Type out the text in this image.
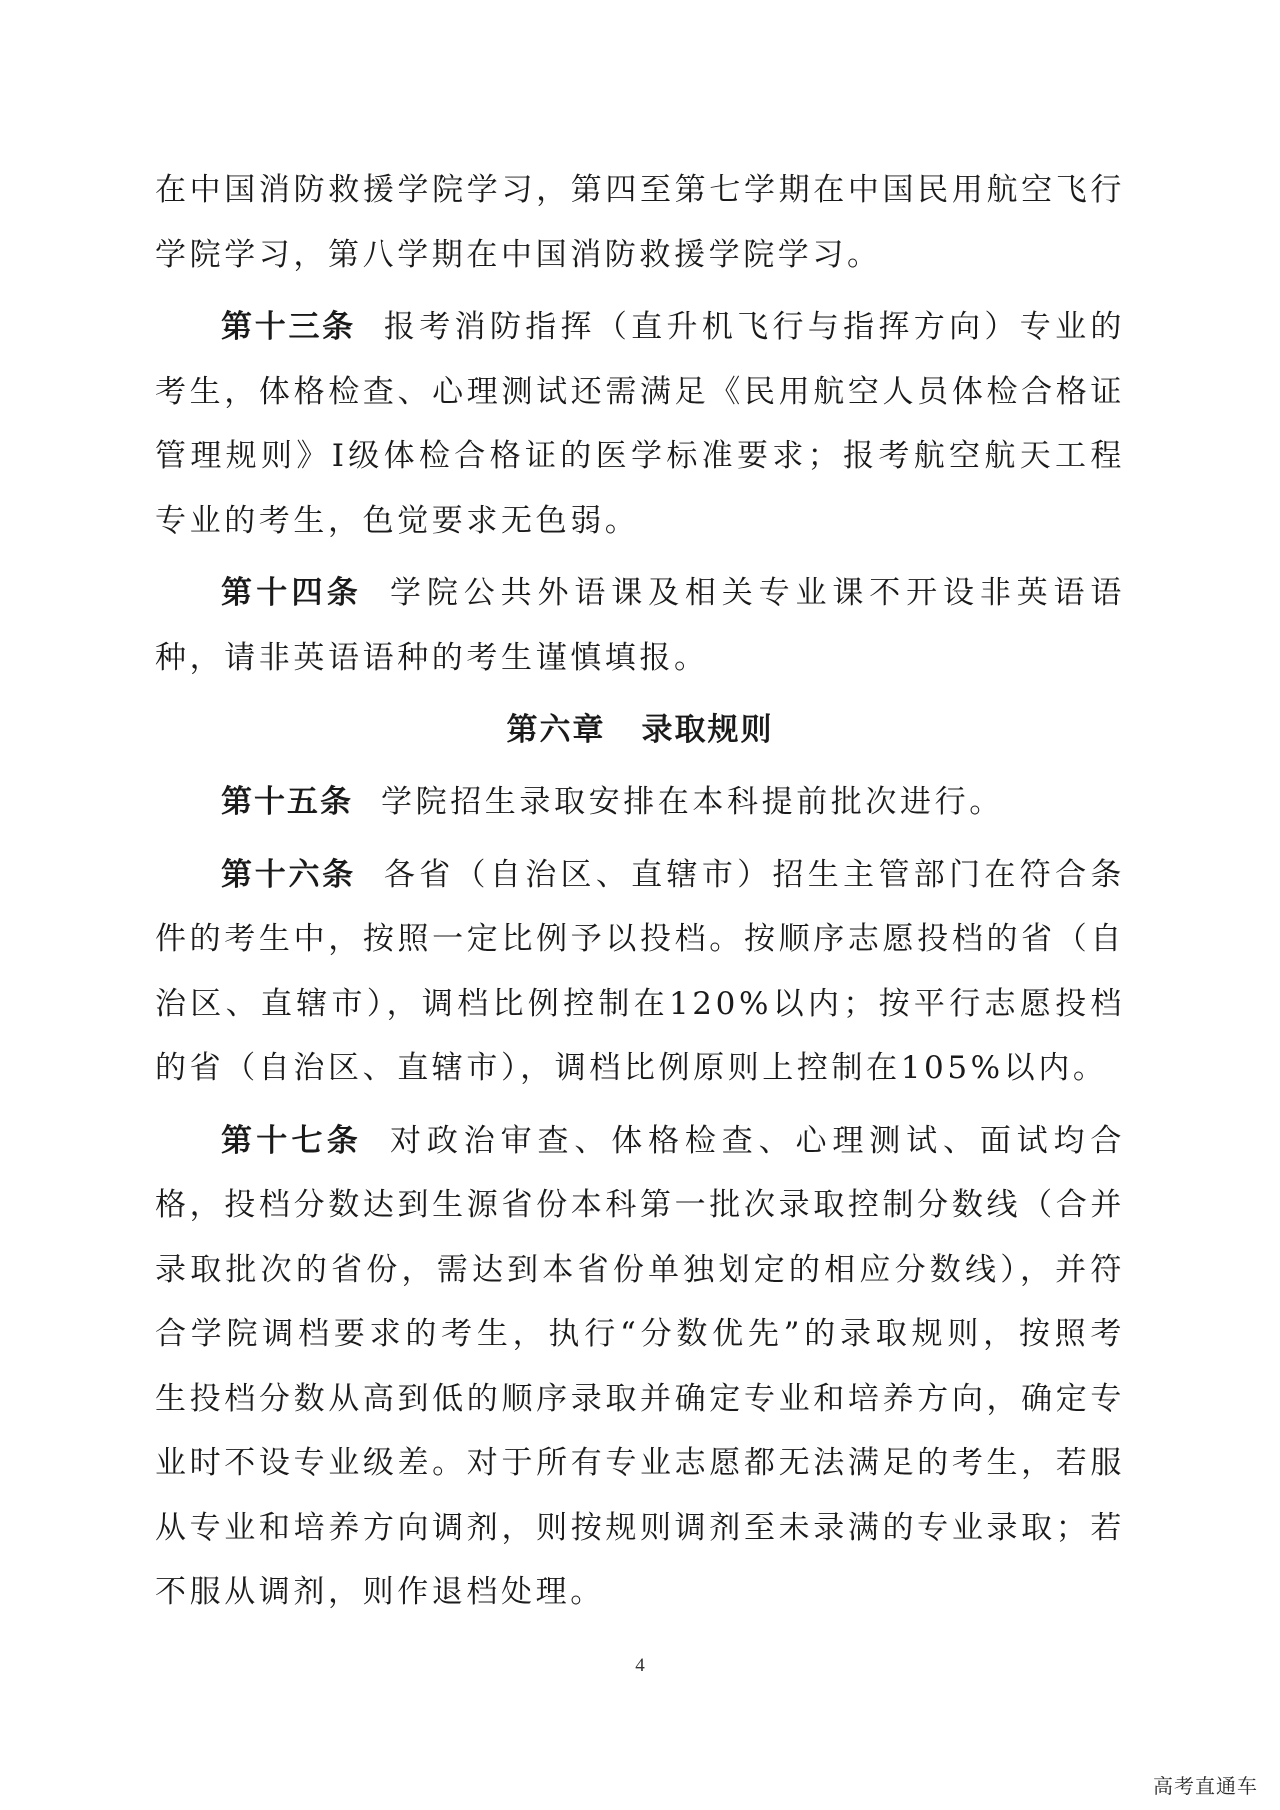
在中国消防救援学院学习，第四至第七学期在中国民用航空飞行学院学习，第八学期在中国消防救援学院学习。

第十三条 报考消防指挥（直升机飞行与指挥方向）专业的考生，体格检查、心理测试还需满足《民用航空人员体检合格证管理规则》I级体检合格证的医学标准要求；报考航空航天工程专业的考生，色觉要求无色弱。

第十四条 学院公共外语课及相关专业课不开设非英语语种，请非英语语种的考生谨慎填报。

第六章 录取规则

第十五条 学院招生录取安排在本科提前批次进行。

第十六条 各省（自治区、直辖市）招生主管部门在符合条件的考生中，按照一定比例予以投档。按顺序志愿投档的省（自治区、直辖市），调档比例控制在120%以内；按平行志愿投档的省（自治区、直辖市），调档比例原则上控制在105%以内。

第十七条 对政治审查、体格检查、心理测试、面试均合格，投档分数达到生源省份本科第一批次录取控制分数线（合并录取批次的省份，需达到本省份单独划定的相应分数线），并符合学院调档要求的考生，执行“分数优先”的录取规则，按照考生投档分数从高到低的顺序录取并确定专业和培养方向，确定专业时不设专业级差。对于所有专业志愿都无法满足的考生，若服从专业和培养方向调剂，则按规则调剂至未录满的专业录取；若不服从调剂，则作退档处理。

4
高考直通车
